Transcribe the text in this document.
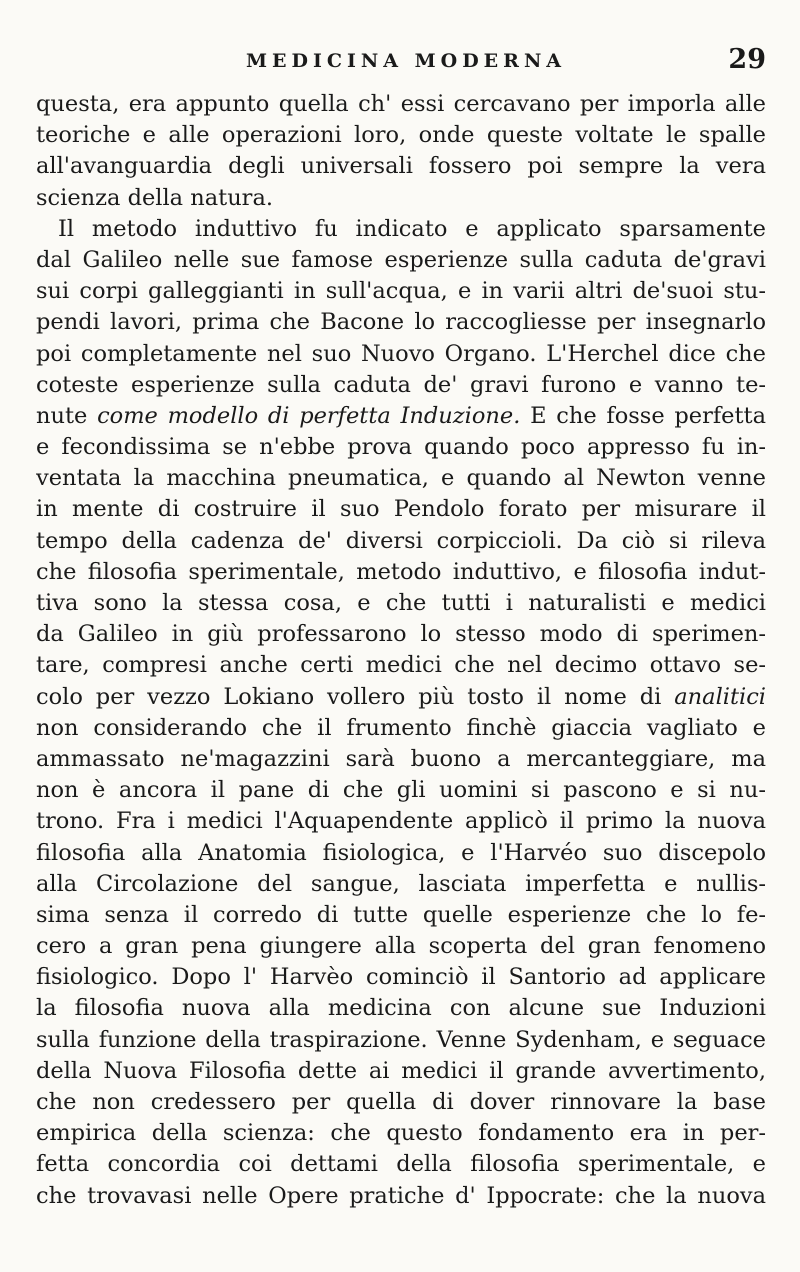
MEDICINA MODERNA	29
questa, era appunto quella ch' essi cercavano per imporla alle
teoriche e alle operazioni loro, onde queste voltate le spalle
all'avanguardia degli universali fossero poi sempre la vera
scienza della natura.
Il metodo induttivo fu indicato e applicato sparsamente
dal Galileo nelle sue famose esperienze sulla caduta de'gravi
sui corpi galleggianti in sull'acqua, e in varii altri de'suoi stu-
pendi lavori, prima che Bacone lo raccogliesse per insegnarlo
poi completamente nel suo Nuovo Organo. L'Herchel dice che
coteste esperienze sulla caduta de' gravi furono e vanno te-
nute come modello di perfetta Induzione. E che fosse perfetta
e fecondissima se n'ebbe prova quando poco appresso fu in-
ventata la macchina pneumatica, e quando al Newton venne
in mente di costruire il suo Pendolo forato per misurare il
tempo della cadenza de' diversi corpiccioli. Da ciò si rileva
che filosofia sperimentale, metodo induttivo, e filosofia indut-
tiva sono la stessa cosa, e che tutti i naturalisti e medici
da Galileo in giù professarono lo stesso modo di sperimen-
tare, compresi anche certi medici che nel decimo ottavo se-
colo per vezzo Lokiano vollero più tosto il nome di analitici
non considerando che il frumento finchè giaccia vagliato e
ammassato ne'magazzini sarà buono a mercanteggiare, ma
non è ancora il pane di che gli uomini si pascono e si nu-
trono. Fra i medici l'Aquapendente applicò il primo la nuova
filosofia alla Anatomia fisiologica, e l'Harvéo suo discepolo
alla Circolazione del sangue, lasciata imperfetta e nullis-
sima senza il corredo di tutte quelle esperienze che lo fe-
cero a gran pena giungere alla scoperta del gran fenomeno
fisiologico. Dopo l' Harvèo cominciò il Santorio ad applicare
la filosofia nuova alla medicina con alcune sue Induzioni
sulla funzione della traspirazione. Venne Sydenham, e seguace
della Nuova Filosofia dette ai medici il grande avvertimento,
che non credessero per quella di dover rinnovare la base
empirica della scienza: che questo fondamento era in per-
fetta concordia coi dettami della filosofia sperimentale, e
che trovavasi nelle Opere pratiche d' Ippocrate: che la nuova
